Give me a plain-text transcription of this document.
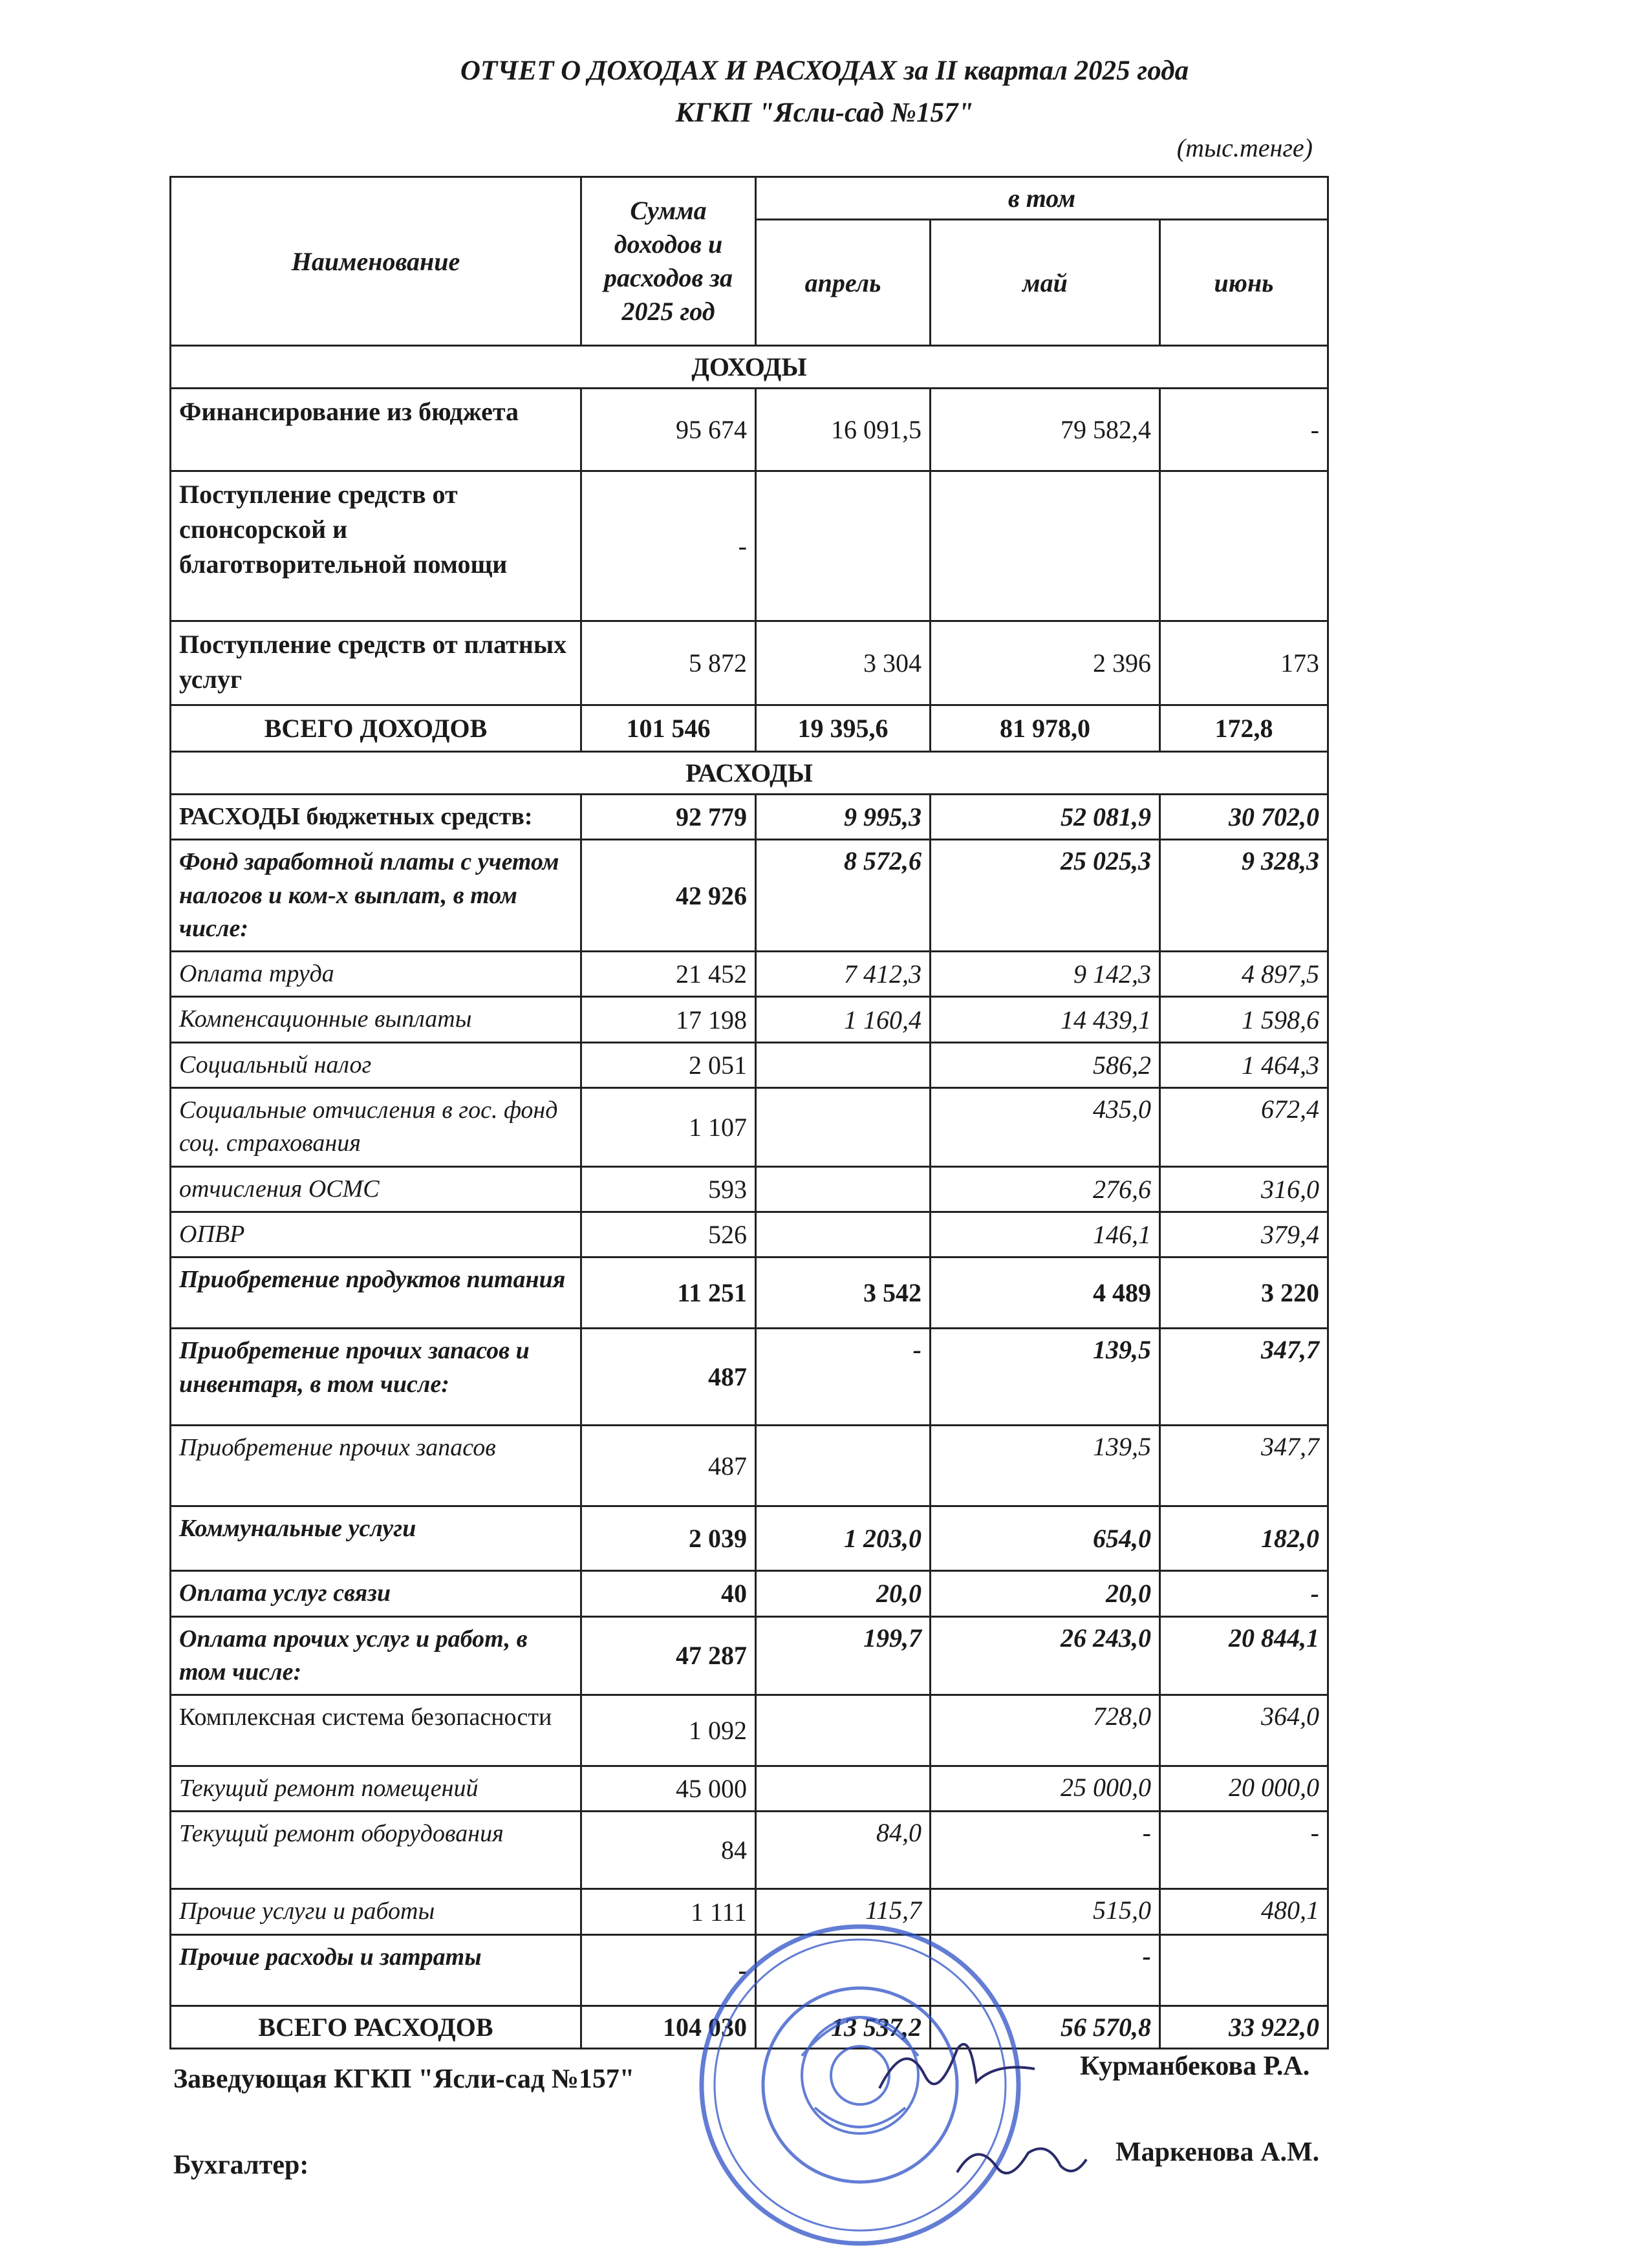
ОТЧЕТ О ДОХОДАХ И РАСХОДАХ за II квартал 2025 года
КГКП "Ясли-сад №157"
(тыс.тенге)
Наименование	Сумма доходов и расходов за 2025 год	в том		
		апрель	май	июнь
ДОХОДЫ				
Финансирование из бюджета	95 674	16 091,5	79 582,4	-
Поступление средств от спонсорской и благотворительной помощи	-			
Поступление средств от платных услуг	5 872	3 304	2 396	173
ВСЕГО ДОХОДОВ	101 546	19 395,6	81 978,0	172,8
РАСХОДЫ				
РАСХОДЫ бюджетных средств:	92 779	9 995,3	52 081,9	30 702,0
Фонд заработной платы с учетом налогов и ком-х выплат, в том числе:	42 926	8 572,6	25 025,3	9 328,3
Оплата труда	21 452	7 412,3	9 142,3	4 897,5
Компенсационные выплаты	17 198	1 160,4	14 439,1	1 598,6
Социальный налог	2 051		586,2	1 464,3
Социальные отчисления в гос. фонд соц. страхования	1 107		435,0	672,4
отчисления ОСМС	593		276,6	316,0
ОПВР	526		146,1	379,4
Приобретение продуктов питания	11 251	3 542	4 489	3 220
Приобретение прочих запасов и инвентаря, в том числе:	487	-	139,5	347,7
Приобретение прочих запасов	487		139,5	347,7
Коммунальные услуги	2 039	1 203,0	654,0	182,0
Оплата услуг связи	40	20,0	20,0	-
Оплата прочих услуг и работ, в том числе:	47 287	199,7	26 243,0	20 844,1
Комплексная система безопасности	1 092		728,0	364,0
Текущий ремонт помещений	45 000		25 000,0	20 000,0
Текущий ремонт оборудования	84	84,0	-	-
Прочие услуги и работы	1 111	115,7	515,0	480,1
Прочие расходы и затраты	-		-	
ВСЕГО РАСХОДОВ	104 030	13 537,2	56 570,8	33 922,0
Заведующая КГКП "Ясли-сад №157"	Курманбекова Р.А.
Бухгалтер:	Маркенова А.М.
